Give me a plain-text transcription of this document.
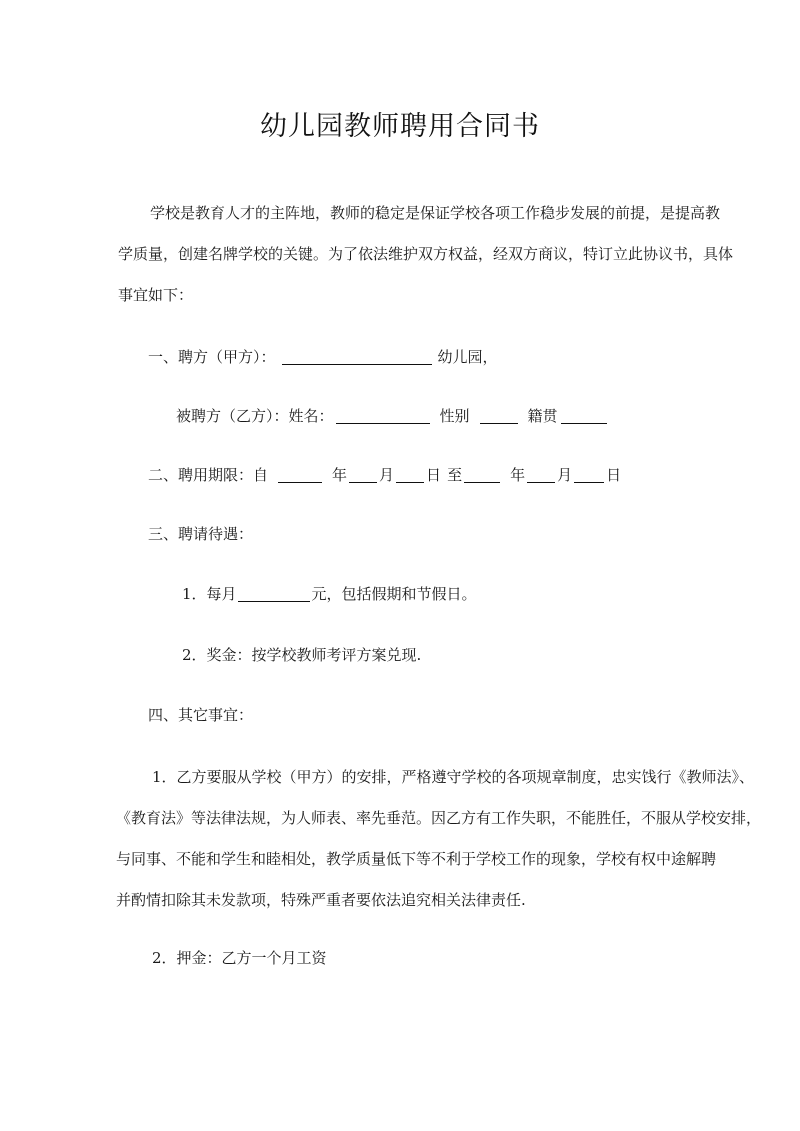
幼儿园教师聘用合同书
学校是教育人才的主阵地，教师的稳定是保证学校各项工作稳步发展的前提，是提高教
学质量，创建名牌学校的关键。为了依法维护双方权益，经双方商议，特订立此协议书，具体
事宜如下：
一、聘方（甲方）：	幼儿园，
被聘方（乙方）：姓名：	性别	籍贯
二、聘用期限：自	年 月 日 至	年 月 日
三、聘请待遇：
1．每月	元，包括假期和节假日。
2．奖金：按学校教师考评方案兑现.
四、其它事宜：
1．乙方要服从学校（甲方）的安排，严格遵守学校的各项规章制度，忠实饯行《教师法》、
《教育法》等法律法规，为人师表、率先垂范。因乙方有工作失职，不能胜任，不服从学校安排，
与同事、不能和学生和睦相处，教学质量低下等不利于学校工作的现象，学校有权中途解聘
并酌情扣除其未发款项，特殊严重者要依法追究相关法律责任.
2．押金：乙方一个月工资
